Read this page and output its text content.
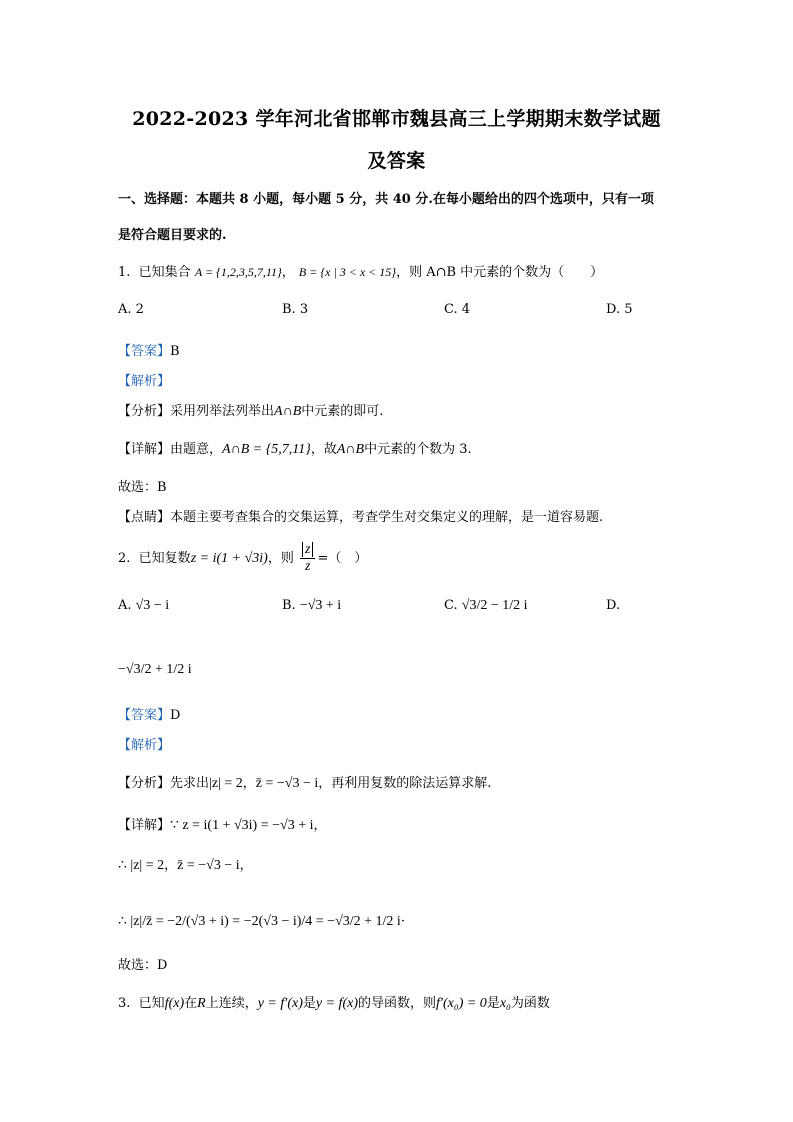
2022-2023 学年河北省邯郸市魏县高三上学期期末数学试题
及答案
一、选择题：本题共 8 小题，每小题 5 分，共 40 分.在每小题给出的四个选项中，只有一项
是符合题目要求的.
1. 已知集合 A = {1,2,3,5,7,11}， B = {x | 3 < x < 15}，则 A∩B 中元素的个数为（　　）
A. 2	B. 3	C. 4	D. 5
【答案】B
【解析】
【分析】采用列举法列举出A∩B中元素的即可.
【详解】由题意，A∩B = {5,7,11}，故A∩B中元素的个数为 3.
故选：B
【点睛】本题主要考查集合的交集运算，考查学生对交集定义的理解，是一道容易题.
2. 已知复数z = i(1 + √3i)，则 $\frac{z}{z}$ =（　）
A. √3 − i	B. −√3 + i	C. √3/2 − 1/2 i	D.
−√3/2 + 1/2 i
【答案】D
【解析】
【分析】先求出|z| = 2，z̄ = −√3 − i，再利用复数的除法运算求解.
【详解】∵ z = i(1 + √3i) = −√3 + i，
∴ |z| = 2，z̄ = −√3 − i，
∴ |z|/z̄ = −2/(√3 + i) = −2(√3 − i)/4 = −√3/2 + 1/2 i·
故选：D
3. 已知f(x)在R上连续，y = f′(x)是y = f(x)的导函数，则f′(x₀) = 0是x₀为函数
